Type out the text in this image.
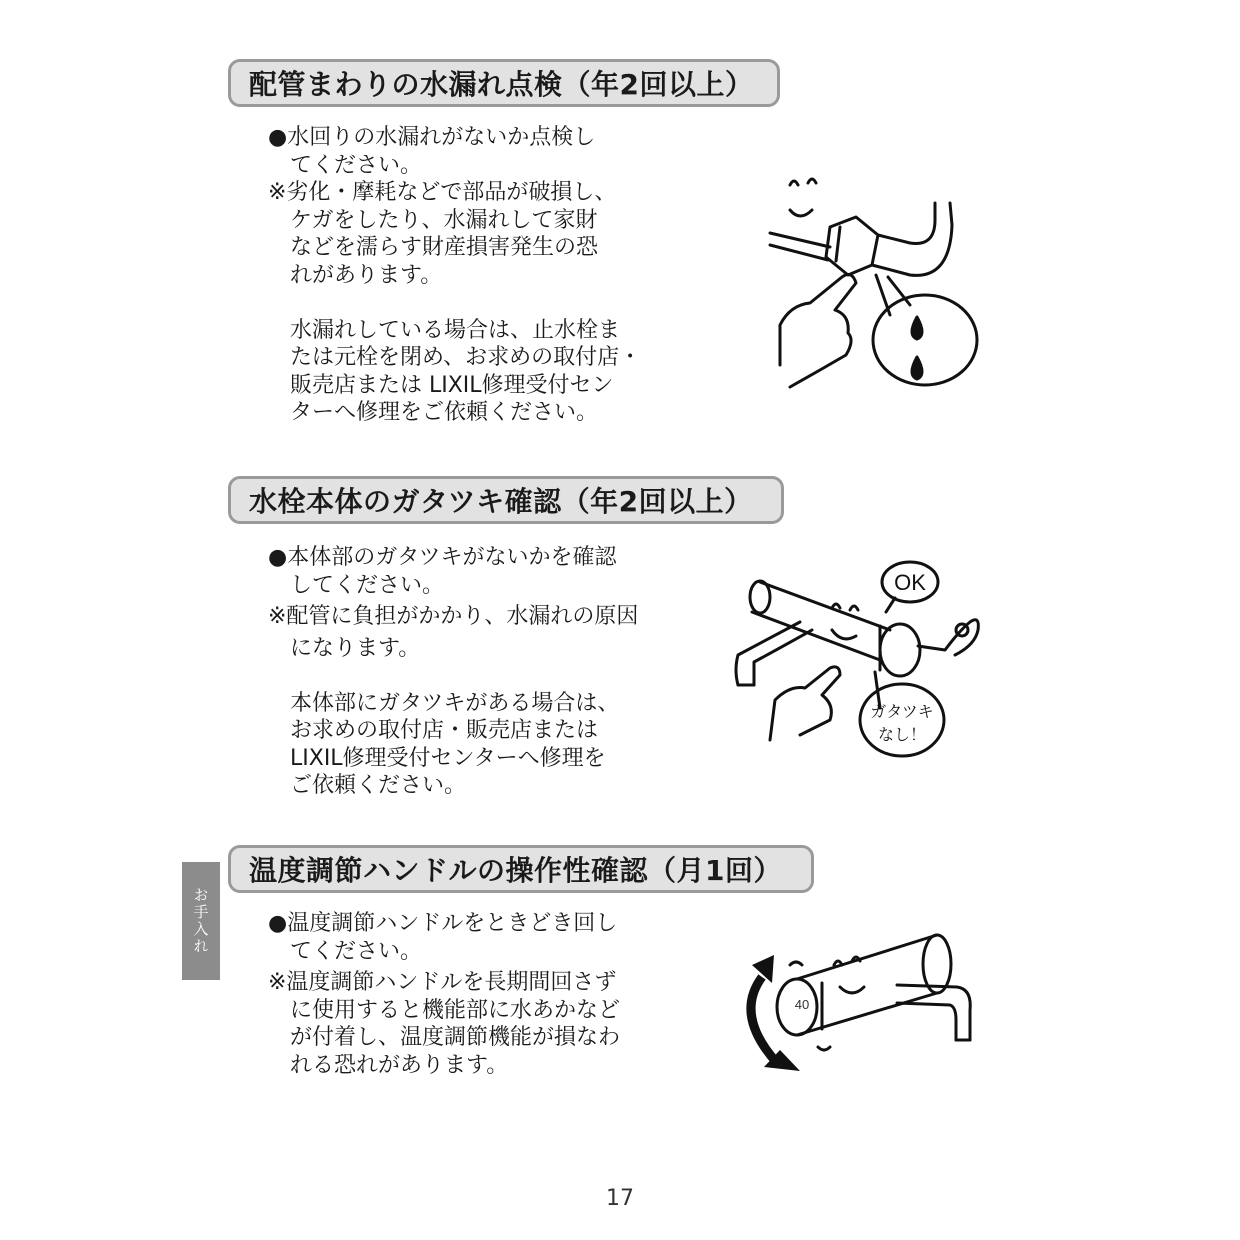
配管まわりの水漏れ点検（年2回以上）
●水回りの水漏れがないか点検し
てください。
※劣化・摩耗などで部品が破損し、
ケガをしたり、水漏れして家財
などを濡らす財産損害発生の恐
れがあります。
水漏れしている場合は、止水栓ま
たは元栓を閉め、お求めの取付店・
販売店または LIXIL修理受付セン
ターへ修理をご依頼ください。
水栓本体のガタツキ確認（年2回以上）
●本体部のガタツキがないかを確認
してください。
※配管に負担がかかり、水漏れの原因
になります。
本体部にガタツキがある場合は、
お求めの取付店・販売店または
LIXIL修理受付センターへ修理を
ご依頼ください。
OK
ガタツキ
なし！
温度調節ハンドルの操作性確認（月1回）
●温度調節ハンドルをときどき回し
てください。
※温度調節ハンドルを長期間回さず
に使用すると機能部に水あかなど
が付着し、温度調節機能が損なわ
れる恐れがあります。
40
お手入れ
17
